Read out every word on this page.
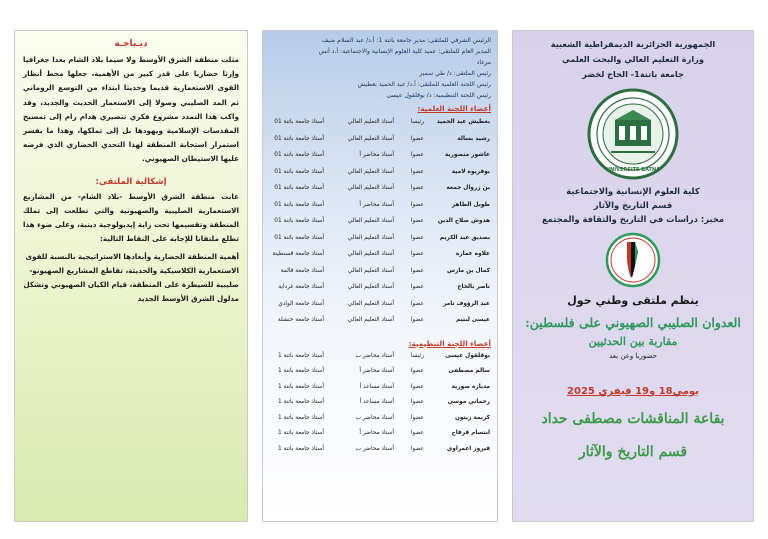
ديـباجـة
مثلت منطقة الشرق الأوسط ولا سيما بلاد الشام بعدا جغرافيا وإرثا حضاريا على قدر كبير من الأهمية، جعلها محط أنظار القوى الاستعمارية قديما وحديثا ابتداء من التوسع الروماني ثم المد الصليبي وصولا إلى الاستعمار الحديث والجديد، وقد واكب هذا التمدد مشروع فكري تنصيري هدام رام إلى تمسيح المقدسات الإسلامية ويهودها بل إلى تملكها، وهذا ما يفسر استمرار استجابة المنطقة لهذا التحدي الحضاري الذي فرضه عليها الاستيطان الصهيوني.
إشكالية الملتقى:
عانت منطقة الشرق الأوسط -بلاد الشام- من المشاريع الاستعمارية الصليبية والصهيونية والتي تطلعت إلى تملك المنطقة وتقسيمها تحت راية إيديولوجية دينية، وعلى ضوء هذا تطلع ملتقانا للإجابة على النقاط التالية:
أهمية المنطقة الحضارية وأبعادها الاستراتيجية بالنسبة للقوى الاستعمارية الكلاسيكية والحديثة، تقاطع المشاريع الصهيونو-صليبية للسيطرة على المنطقة، قيام الكيان الصهيوني وتشكل مدلول الشرق الأوسط الجديد
الرئيس الشرفي للملتقى: مدير جامعة باتنة 1: أ.د/ عبد السلام ضيف
المدير العام للملتقى: عميد كلية العلوم الإنسانية والاجتماعية: أ.د أنس
مرغاد
رئيس الملتقى: د/ طي سمير
رئيس اللجنة العلمية للملتقى: أ.د/ عبد الحميد بعطيش
رئيس اللجنة التنظيمية: د/ بوقلقول عيسى
أعضاء اللجنة العلمية:
بعطيش عبد الحميد	رئيسا	أستاذ التعليم العالي	أستاذ جامعة باتنة 01
رشيد بسالة	عضوا	أستاذ التعليم العالي	أستاذ جامعة باتنة 01
عاشور منصورية	عضوا	أستاذ محاضر أ	أستاذ جامعة باتنة 01
بوقريوة لامية	عضوا	أستاذ التعليم العالي	أستاذ جامعة باتنة 01
بن زروال جمعة	عضوا	أستاذ التعليم العالي	أستاذ جامعة باتنة 01
طويل الطاهر	عضوا	أستاذ محاضر أ	أستاذ جامعة باتنة 01
هدوش صلاح الدين	عضوا	أستاذ التعليم العالي	أستاذ جامعة باتنة 01
بصديق عبد الكريم	عضوا	أستاذ التعليم العالي	أستاذ جامعة باتنة 01
علاوة عمارة	عضوا	أستاذ التعليم العالي	أستاذ جامعة قسنطينة
كمال بن مارس	عضوا	أستاذ التعليم العالي	أستاذ جامعة قالمة
ناصر بالحاج	عضوا	أستاذ التعليم العالي	أستاذ جامعة غرداية
عبد الرؤوف تامر	عضوا	أستاذ التعليم العالي	أستاذ جامعة الوادي
عيسى لبتيم	عضوا	أستاذ التعليم العالي	أستاذ جامعة خنشلة
أعضاء اللجنة التنظيمية:
بوقلقول عيسى	رئيسا	أستاذ محاضر ب	أستاذ جامعة باتنة 1
سالم مصطفى	عضوا	أستاذ محاضر أ	أستاذ جامعة باتنة 1
مديازة صورية	عضوا	أستاذ مساعد أ	أستاذ جامعة باتنة 1
رحماني موسى	عضوا	أستاذ مساعد أ	أستاذ جامعة باتنة 1
كريمة زيتون	عضوا	أستاذ محاضر ب	أستاذ جامعة باتنة 1
ابتسام قرفاح	عضوا	أستاذ محاضر أ	أستاذ جامعة باتنة 1
فيروز اعمراوي	عضوا	أستاذ محاضر ب	أستاذ جامعة باتنة 1
الجمهورية الجزائرية الديمقراطية الشعبية
وزارة التعليم العالي والبحث العلمي
جامعة باتنة1- الحاج لخضر
UNIVERSITE BATNA
كلية العلوم الإنسانية والاجتماعية
قسم التاريخ والآثار
مخبر: دراسات في التاريخ والثقافة والمجتمع
ينظم ملتقى وطني حول
العدوان الصليبي الصهيوني على فلسطين:
مقاربة بين الحدثيين
حضوريا وعن بعد
يومي18 و19 فيفري 2025
بقاعة المناقشات مصطفى حداد
قسم التاريخ والآثار
